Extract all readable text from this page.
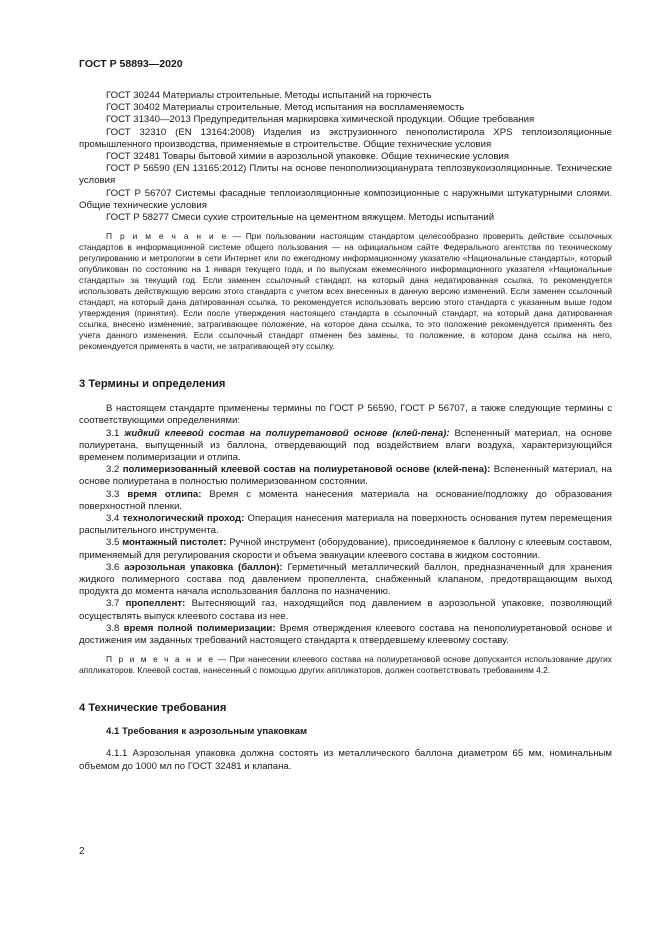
ГОСТ Р 58893—2020

ГОСТ 30244 Материалы строительные. Методы испытаний на горючесть

ГОСТ 30402 Материалы строительные. Метод испытания на воспламеняемость

ГОСТ 31340—2013 Предупредительная маркировка химической продукции. Общие требования

ГОСТ 32310 (EN 13164:2008) Изделия из экструзионного пенополистирола XPS теплоизоляционные промышленного производства, применяемые в строительстве. Общие технические условия

ГОСТ 32481 Товары бытовой химии в аэрозольной упаковке. Общие технические условия

ГОСТ Р 56590 (EN 13165:2012) Плиты на основе пенополиизоцианурата теплозвукоизоляционные. Технические условия

ГОСТ Р 56707 Системы фасадные теплоизоляционные композиционные с наружными штукатурными слоями. Общие технические условия

ГОСТ Р 58277 Смеси сухие строительные на цементном вяжущем. Методы испытаний

П р и м е ч а н и е — При пользовании настоящим стандартом целесообразно проверить действие ссылочных стандартов в информационной системе общего пользования — на официальном сайте Федерального агентства по техническому регулированию и метрологии в сети Интернет или по ежегодному информационному указателю «Национальные стандарты», который опубликован по состоянию на 1 января текущего года, и по выпускам ежемесячного информационного указателя «Национальные стандарты» за текущий год. Если заменен ссылочный стандарт, на который дана недатированная ссылка, то рекомендуется использовать действующую версию этого стандарта с учетом всех внесенных в данную версию изменений. Если заменен ссылочный стандарт, на который дана датированная ссылка, то рекомендуется использовать версию этого стандарта с указанным выше годом утверждения (принятия). Если после утверждения настоящего стандарта в ссылочный стандарт, на который дана датированная ссылка, внесено изменение, затрагивающее положение, на которое дана ссылка, то это положение рекомендуется применять без учета данного изменения. Если ссылочный стандарт отменен без замены, то положение, в котором дана ссылка на него, рекомендуется применять в части, не затрагивающей эту ссылку.

3 Термины и определения

В настоящем стандарте применены термины по ГОСТ Р 56590, ГОСТ Р 56707, а также следующие термины с соответствующими определениями:

3.1 жидкий клеевой состав на полиуретановой основе (клей-пена): Вспененный материал, на основе полиуретана, выпущенный из баллона, отвердевающий под воздействием влаги воздуха, характеризующийся временем полимеризации и отлипа.

3.2 полимеризованный клеевой состав на полиуретановой основе (клей-пена): Вспененный материал, на основе полиуретана в полностью полимеризованном состоянии.

3.3 время отлипа: Время с момента нанесения материала на основание/подложку до образования поверхностной пленки.

3.4 технологический проход: Операция нанесения материала на поверхность основания путем перемещения распылительного инструмента.

3.5 монтажный пистолет: Ручной инструмент (оборудование), присоединяемое к баллону с клеевым составом, применяемый для регулирования скорости и объема эвакуации клеевого состава в жидком состоянии.

3.6 аэрозольная упаковка (баллон): Герметичный металлический баллон, предназначенный для хранения жидкого полимерного состава под давлением пропеллента, снабженный клапаном, предотвращающим выход продукта до момента начала использования баллона по назначению.

3.7 пропеллент: Вытесняющий газ, находящийся под давлением в аэрозольной упаковке, позволяющий осуществлять выпуск клеевого состава из нее.

3.8 время полной полимеризации: Время отверждения клеевого состава на пенополиуретановой основе и достижения им заданных требований настоящего стандарта к отвердевшему клеевому составу.

П р и м е ч а н и е — При нанесении клеевого состава на полиуретановой основе допускается использование других аппликаторов. Клеевой состав, нанесенный с помощью других аппликаторов, должен соответствовать требованиям 4.2.

4 Технические требования
4.1 Требования к аэрозольным упаковкам

4.1.1 Аэрозольная упаковка должна состоять из металлического баллона диаметром 65 мм, номинальным объемом до 1000 мл по ГОСТ 32481 и клапана.

2
